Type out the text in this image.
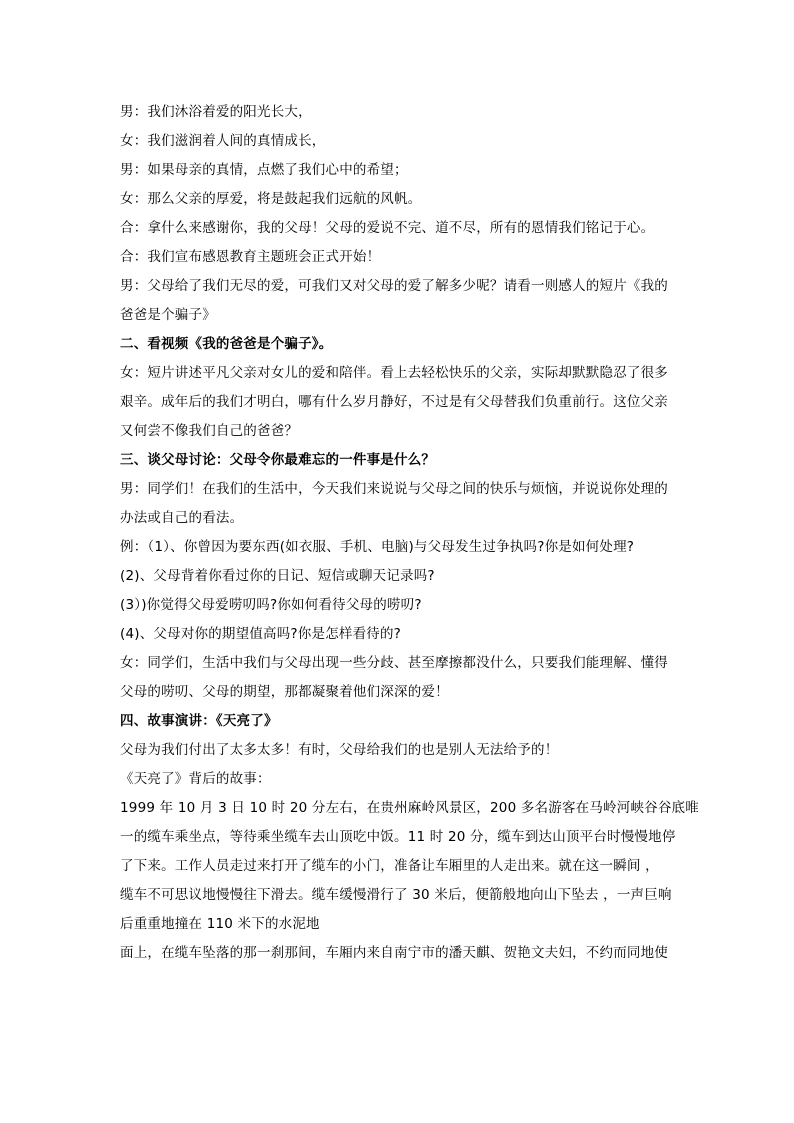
男：我们沐浴着爱的阳光长大，
女：我们滋润着人间的真情成长，
男：如果母亲的真情，点燃了我们心中的希望；
女：那么父亲的厚爱，将是鼓起我们远航的风帆。
合：拿什么来感谢你，我的父母！父母的爱说不完、道不尽，所有的恩情我们铭记于心。
合：我们宣布感恩教育主题班会正式开始！
男：父母给了我们无尽的爱，可我们又对父母的爱了解多少呢？请看一则感人的短片《我的
爸爸是个骗子》
二、看视频《我的爸爸是个骗子》。
女：短片讲述平凡父亲对女儿的爱和陪伴。看上去轻松快乐的父亲，实际却默默隐忍了很多
艰辛。成年后的我们才明白，哪有什么岁月静好，不过是有父母替我们负重前行。这位父亲
又何尝不像我们自己的爸爸？
三、谈父母讨论：父母令你最难忘的一件事是什么？
男：同学们！在我们的生活中，今天我们来说说与父母之间的快乐与烦恼，并说说你处理的
办法或自己的看法。
例：（1）、你曾因为要东西(如衣服、手机、电脑)与父母发生过争执吗?你是如何处理?
(2)、父母背着你看过你的日记、短信或聊天记录吗?
(3）)你觉得父母爱唠叨吗?你如何看待父母的唠叨?
(4)、父母对你的期望值高吗?你是怎样看待的?
女：同学们，生活中我们与父母出现一些分歧、甚至摩擦都没什么，只要我们能理解、懂得
父母的唠叨、父母的期望，那都凝聚着他们深深的爱！
四、故事演讲：《天亮了》
父母为我们付出了太多太多！有时，父母给我们的也是别人无法给予的！
《天亮了》背后的故事：
1999 年 10 月 3 日 10 时 20 分左右，在贵州麻岭风景区，200 多名游客在马岭河峡谷谷底唯
一的缆车乘坐点，等待乘坐缆车去山顶吃中饭。11 时 20 分，缆车到达山顶平台时慢慢地停
了下来。工作人员走过来打开了缆车的小门，准备让车厢里的人走出来。就在这一瞬间 ，
缆车不可思议地慢慢往下滑去。缆车缓慢滑行了 30 米后，便箭般地向山下坠去 ，一声巨响
后重重地撞在 110 米下的水泥地
面上，在缆车坠落的那一刹那间，车厢内来自南宁市的潘天麒、贺艳文夫妇，不约而同地使
